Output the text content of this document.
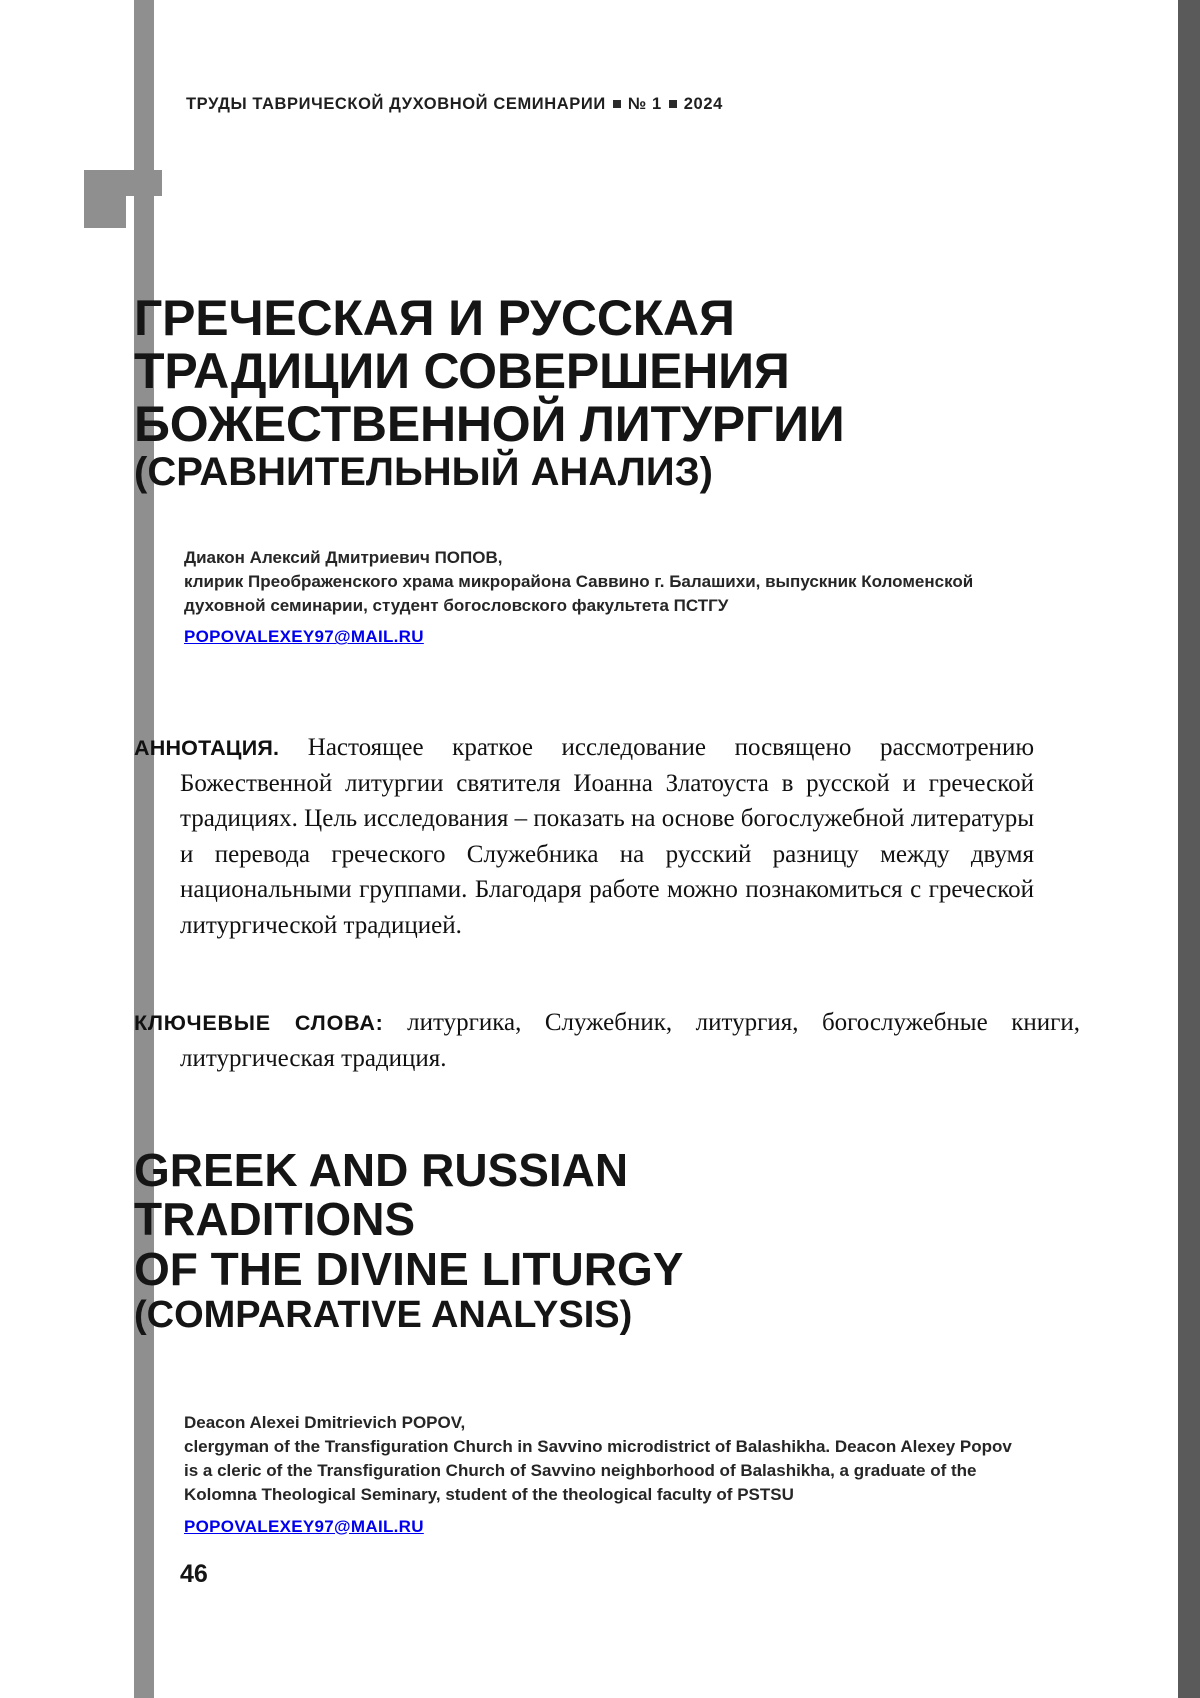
ТРУДЫ ТАВРИЧЕСКОЙ ДУХОВНОЙ СЕМИНАРИИ № 1 2024
ГРЕЧЕСКАЯ И РУССКАЯ
ТРАДИЦИИ СОВЕРШЕНИЯ
БОЖЕСТВЕННОЙ ЛИТУРГИИ
(СРАВНИТЕЛЬНЫЙ АНАЛИЗ)
Диакон Алексий Дмитриевич ПОПОВ,
клирик Преображенского храма микрорайона Саввино г. Балашихи, выпускник Коломенской духовной семинарии, студент богословского факультета ПСТГУ
POPOVALEXEY97@MAIL.RU

АННОТАЦИЯ. Настоящее краткое исследование посвящено рассмотрению Божественной литургии святителя Иоанна Златоуста в русской и греческой традициях. Цель исследования – показать на основе богослужебной литературы и перевода греческого Служебника на русский разницу между двумя национальными группами. Благодаря работе можно познакомиться с греческой литургической традицией.

КЛЮЧЕВЫЕ СЛОВА: литургика, Служебник, литургия, богослужебные книги, литургическая традиция.
GREEK AND RUSSIAN
TRADITIONS
OF THE DIVINE LITURGY
(COMPARATIVE ANALYSIS)
Deacon Alexei Dmitrievich POPOV,
clergyman of the Transfiguration Church in Savvino microdistrict of Balashikha. Deacon Alexey Popov is a cleric of the Transfiguration Church of Savvino neighborhood of Balashikha, a graduate of the Kolomna Theological Seminary, student of the theological faculty of PSTSU
POPOVALEXEY97@MAIL.RU
46
